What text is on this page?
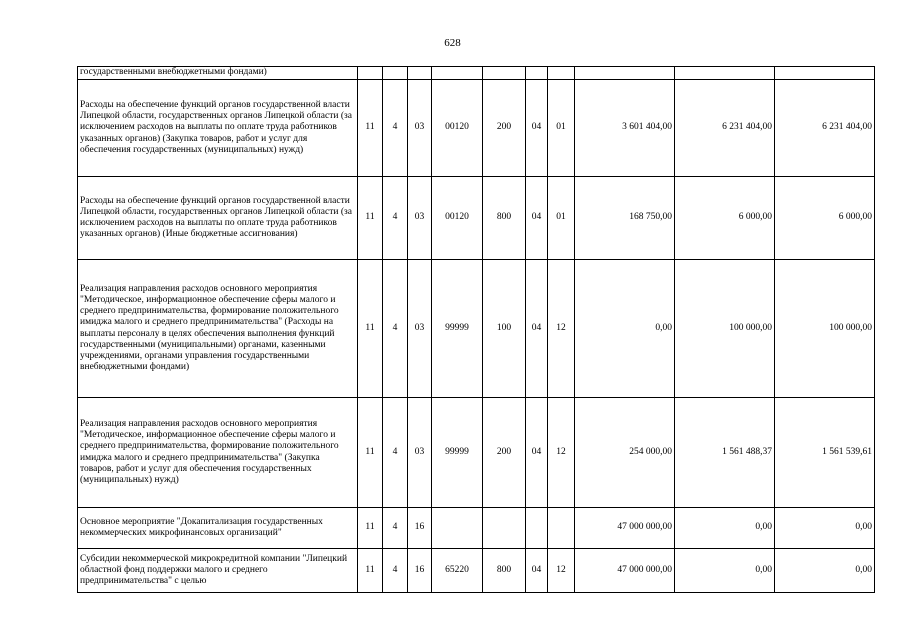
628
государственными внебюджетными фондами)										
Расходы на обеспечение функций органов государственной власти Липецкой области, государственных органов Липецкой области (за исключением расходов на выплаты по оплате труда работников указанных органов) (Закупка товаров, работ и услуг для обеспечения государственных (муниципальных) нужд)	11	4	03	00120	200	04	01	3 601 404,00	6 231 404,00	6 231 404,00
Расходы на обеспечение функций органов государственной власти Липецкой области, государственных органов Липецкой области (за исключением расходов на выплаты по оплате труда работников указанных органов) (Иные бюджетные ассигнования)	11	4	03	00120	800	04	01	168 750,00	6 000,00	6 000,00
Реализация направления расходов основного мероприятия "Методическое, информационное обеспечение сферы малого и среднего предпринимательства, формирование положительного имиджа малого и среднего предпринимательства" (Расходы на выплаты персоналу в целях обеспечения выполнения функций государственными (муниципальными) органами, казенными учреждениями, органами управления государственными внебюджетными фондами)	11	4	03	99999	100	04	12	0,00	100 000,00	100 000,00
Реализация направления расходов основного мероприятия "Методическое, информационное обеспечение сферы малого и среднего предпринимательства, формирование положительного имиджа малого и среднего предпринимательства" (Закупка товаров, работ и услуг для обеспечения государственных (муниципальных) нужд)	11	4	03	99999	200	04	12	254 000,00	1 561 488,37	1 561 539,61
Основное мероприятие "Докапитализация государственных некоммерческих микрофинансовых организаций"	11	4	16					47 000 000,00	0,00	0,00
Субсидии некоммерческой микрокредитной компании "Липецкий областной фонд поддержки малого и среднего предпринимательства" с целью	11	4	16	65220	800	04	12	47 000 000,00	0,00	0,00
